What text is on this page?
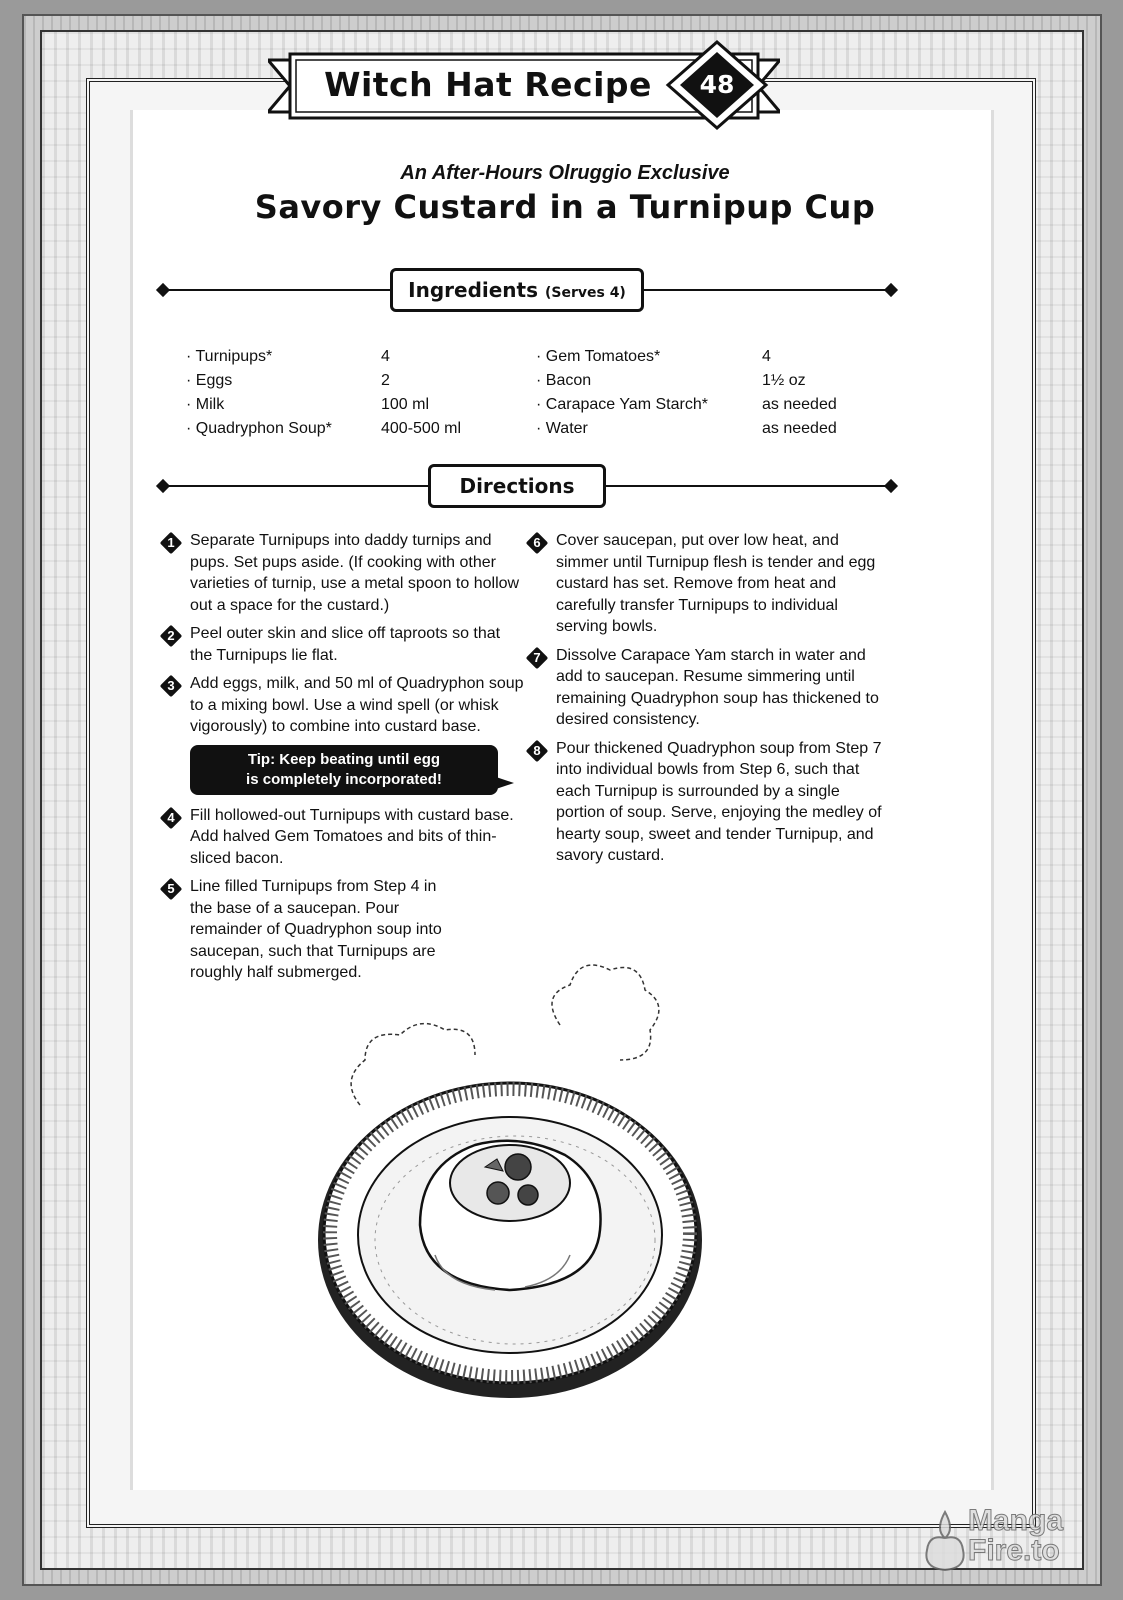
Witch Hat Recipe	48
An After-Hours Olruggio Exclusive
Savory Custard in a Turnipup Cup
Ingredients (Serves 4)
· Turnipups*	4
· Eggs	2
· Milk	100 ml
· Quadryphon Soup*	400-500 ml
· Gem Tomatoes*	4
· Bacon	1½ oz
· Carapace Yam Starch*	as needed
· Water	as needed
Directions
1 Separate Turnipups into daddy turnips and pups. Set pups aside. (If cooking with other varieties of turnip, use a metal spoon to hollow out a space for the custard.)
2 Peel outer skin and slice off taproots so that the Turnipups lie flat.
3 Add eggs, milk, and 50 ml of Quadryphon soup to a mixing bowl. Use a wind spell (or whisk vigorously) to combine into custard base.
Tip: Keep beating until egg
is completely incorporated!
4 Fill hollowed-out Turnipups with custard base. Add halved Gem Tomatoes and bits of thin-sliced bacon.
5 Line filled Turnipups from Step 4 in the base of a saucepan. Pour remainder of Quadryphon soup into saucepan, such that Turnipups are roughly half submerged.
6 Cover saucepan, put over low heat, and simmer until Turnipup flesh is tender and egg custard has set. Remove from heat and carefully transfer Turnipups to individual serving bowls.
7 Dissolve Carapace Yam starch in water and add to saucepan. Resume simmering until remaining Quadryphon soup has thickened to desired consistency.
8 Pour thickened Quadryphon soup from Step 7 into individual bowls from Step 6, such that each Turnipup is surrounded by a single portion of soup. Serve, enjoying the medley of hearty soup, sweet and tender Turnipup, and savory custard.
Manga
Fire.to
